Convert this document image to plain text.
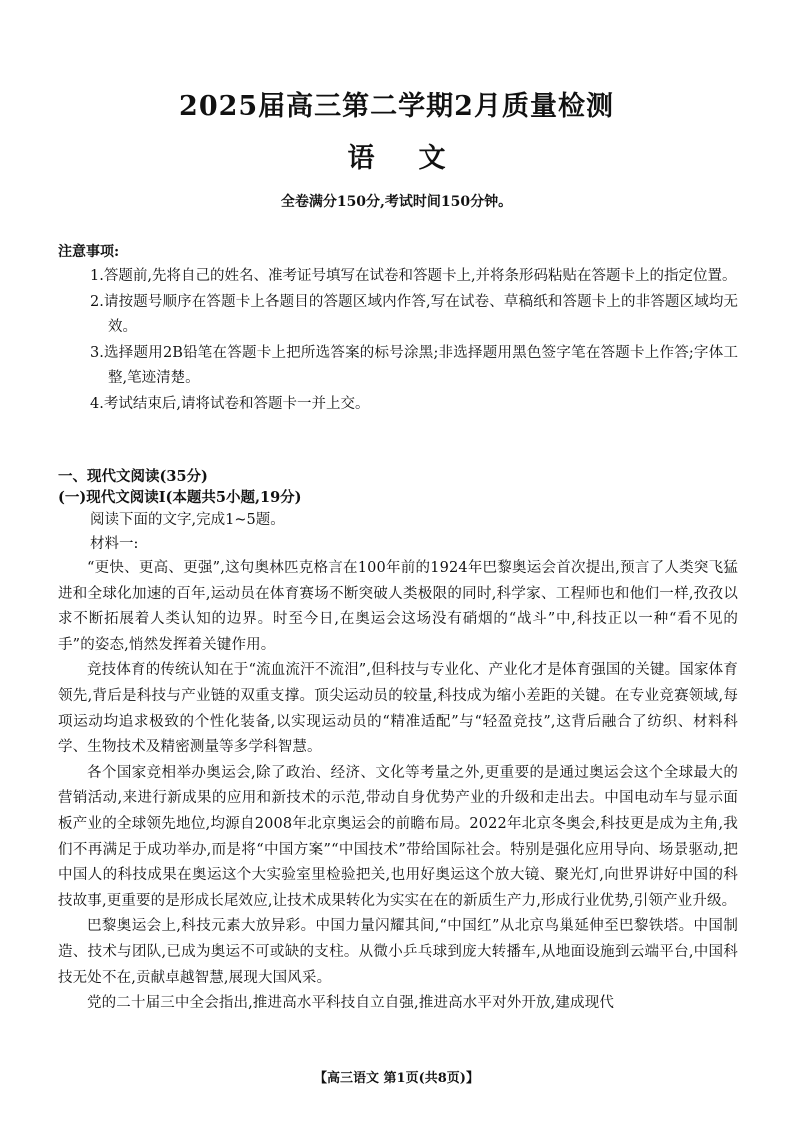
2025届高三第二学期2月质量检测
语文
全卷满分150分,考试时间150分钟。

注意事项:

1.答题前,先将自己的姓名、准考证号填写在试卷和答题卡上,并将条形码粘贴在答题卡上的指定位置。
2.请按题号顺序在答题卡上各题目的答题区域内作答,写在试卷、草稿纸和答题卡上的非答题区域均无效。
3.选择题用2B铅笔在答题卡上把所选答案的标号涂黑;非选择题用黑色签字笔在答题卡上作答;字体工整,笔迹清楚。
4.考试结束后,请将试卷和答题卡一并上交。

一、现代文阅读(35分)

(一)现代文阅读Ⅰ(本题共5小题,19分)

阅读下面的文字,完成1~5题。

材料一:

“更快、更高、更强”,这句奥林匹克格言在100年前的1924年巴黎奥运会首次提出,预言了人类突飞猛进和全球化加速的百年,运动员在体育赛场不断突破人类极限的同时,科学家、工程师也和他们一样,孜孜以求不断拓展着人类认知的边界。时至今日,在奥运会这场没有硝烟的“战斗”中,科技正以一种“看不见的手”的姿态,悄然发挥着关键作用。

竞技体育的传统认知在于“流血流汗不流泪”,但科技与专业化、产业化才是体育强国的关键。国家体育领先,背后是科技与产业链的双重支撑。顶尖运动员的较量,科技成为缩小差距的关键。在专业竞赛领域,每项运动均追求极致的个性化装备,以实现运动员的“精准适配”与“轻盈竞技”,这背后融合了纺织、材料科学、生物技术及精密测量等多学科智慧。

各个国家竞相举办奥运会,除了政治、经济、文化等考量之外,更重要的是通过奥运会这个全球最大的营销活动,来进行新成果的应用和新技术的示范,带动自身优势产业的升级和走出去。中国电动车与显示面板产业的全球领先地位,均源自2008年北京奥运会的前瞻布局。2022年北京冬奥会,科技更是成为主角,我们不再满足于成功举办,而是将“中国方案”“中国技术”带给国际社会。特别是强化应用导向、场景驱动,把中国人的科技成果在奥运这个大实验室里检验把关,也用好奥运这个放大镜、聚光灯,向世界讲好中国的科技故事,更重要的是形成长尾效应,让技术成果转化为实实在在的新质生产力,形成行业优势,引领产业升级。

巴黎奥运会上,科技元素大放异彩。中国力量闪耀其间,“中国红”从北京鸟巢延伸至巴黎铁塔。中国制造、技术与团队,已成为奥运不可或缺的支柱。从微小乒乓球到庞大转播车,从地面设施到云端平台,中国科技无处不在,贡献卓越智慧,展现大国风采。

党的二十届三中全会指出,推进高水平科技自立自强,推进高水平对外开放,建成现代

【高三语文 第1页(共8页)】
